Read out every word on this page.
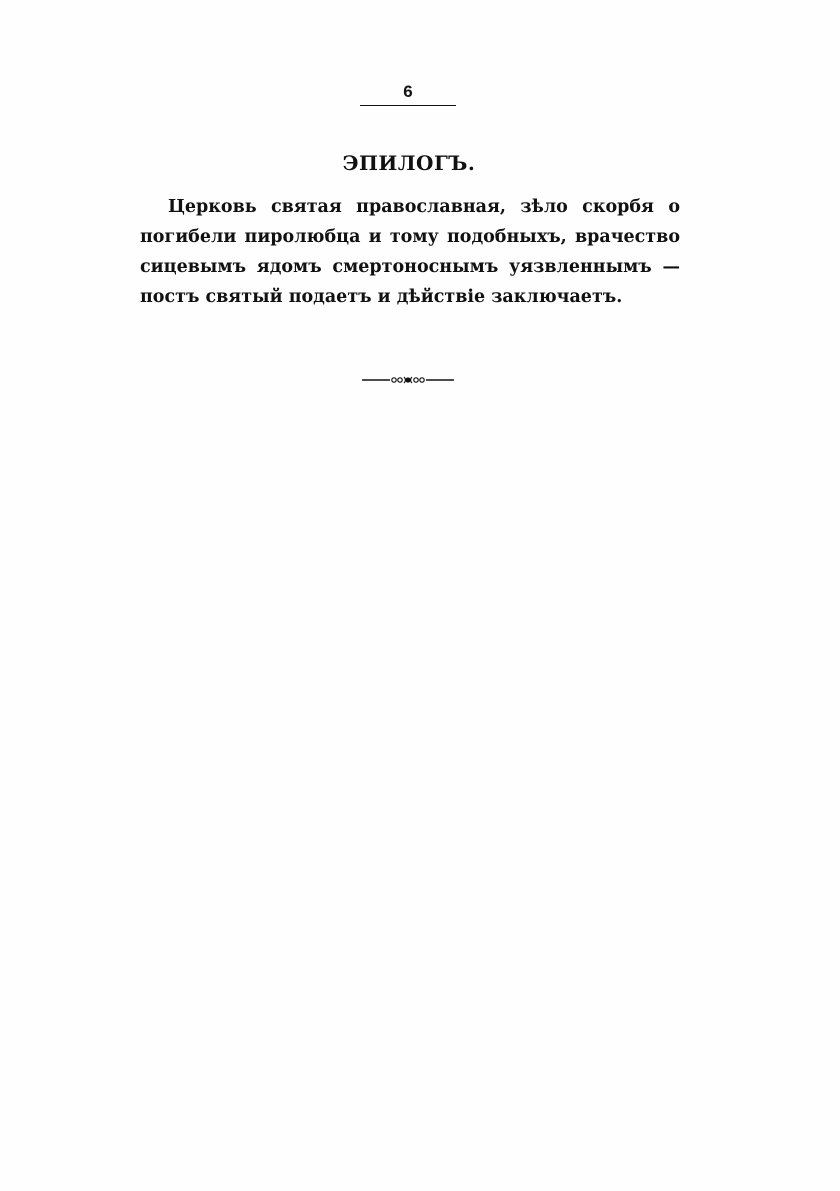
6
ЭПИЛОГЪ.

Церковь святая православная, зѣло скорбя о погибели пиролюбца и тому подобныхъ, врачество сицевымъ ядомъ смертоноснымъ уязвленнымъ —постъ святый подаетъ и дѣйствіе заключаетъ.
